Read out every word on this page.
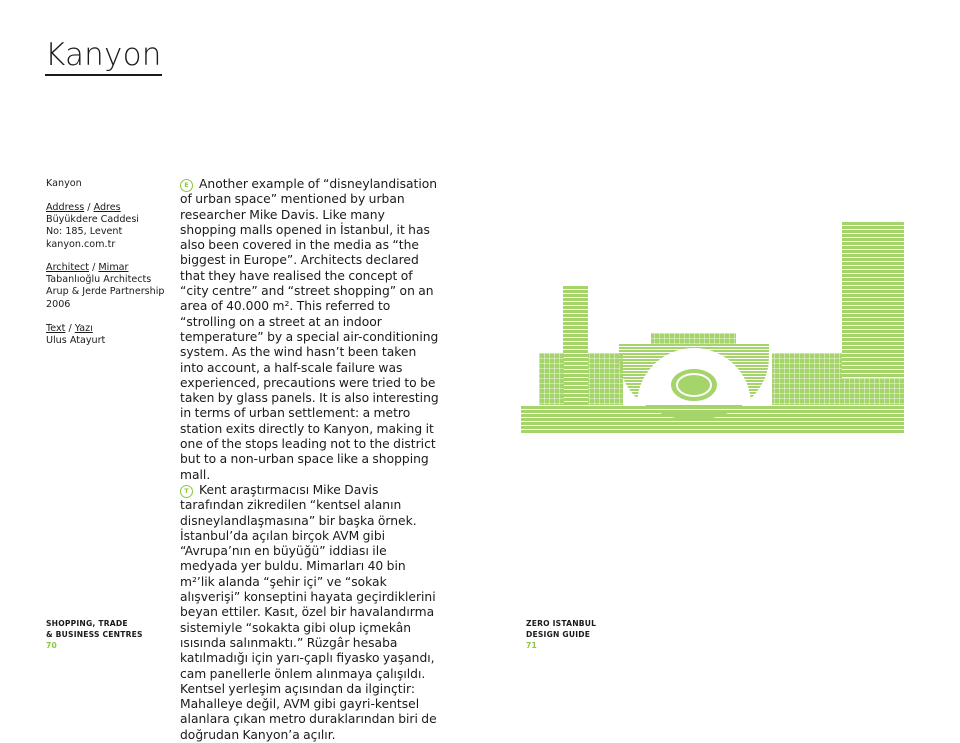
Kanyon
Kanyon
Address / Adres
Büyükdere Caddesi
No: 185, Levent
kanyon.com.tr
Architect / Mimar
Tabanlıoğlu Architects
Arup & Jerde Partnership
2006
Text / Yazı
Ulus Atayurt

E Another example of “disneylandisation of urban space” mentioned by urban researcher Mike Davis. Like many shopping malls opened in İstanbul, it has also been covered in the media as “the biggest in Europe”. Architects declared that they have realised the concept of “city centre” and “street shopping” on an area of 40.000 m². This referred to “strolling on a street at an indoor temperature” by a special air-conditioning system. As the wind hasn’t been taken into account, a half-scale failure was experienced, precautions were tried to be taken by glass panels. It is also interesting in terms of urban settlement: a metro station exits directly to Kanyon, making it one of the stops leading not to the district but to a non-urban space like a shopping mall.

T Kent araştırmacısı Mike Davis tarafından zikredilen “kentsel alanın disneylandlaşmasına” bir başka örnek. İstanbul’da açılan birçok AVM gibi “Avrupa’nın en büyüğü” iddiası ile medyada yer buldu. Mimarları 40 bin m²’lik alanda “şehir içi” ve “sokak alışverişi” konseptini hayata geçirdiklerini beyan ettiler. Kasıt, özel bir havalandırma sistemiyle “sokakta gibi olup içmekân ısısında salınmaktı.” Rüzgâr hesaba katılmadığı için yarı-çaplı fiyasko yaşandı, cam panellerle önlem alınmaya çalışıldı. Kentsel yerleşim açısından da ilginçtir: Mahalleye değil, AVM gibi gayri-kentsel alanlara çıkan metro duraklarından biri de doğrudan Kanyon’a açılır.

SHOPPING, TRADE
& BUSINESS CENTRES
70
ZERO ISTANBUL
DESIGN GUIDE
71
